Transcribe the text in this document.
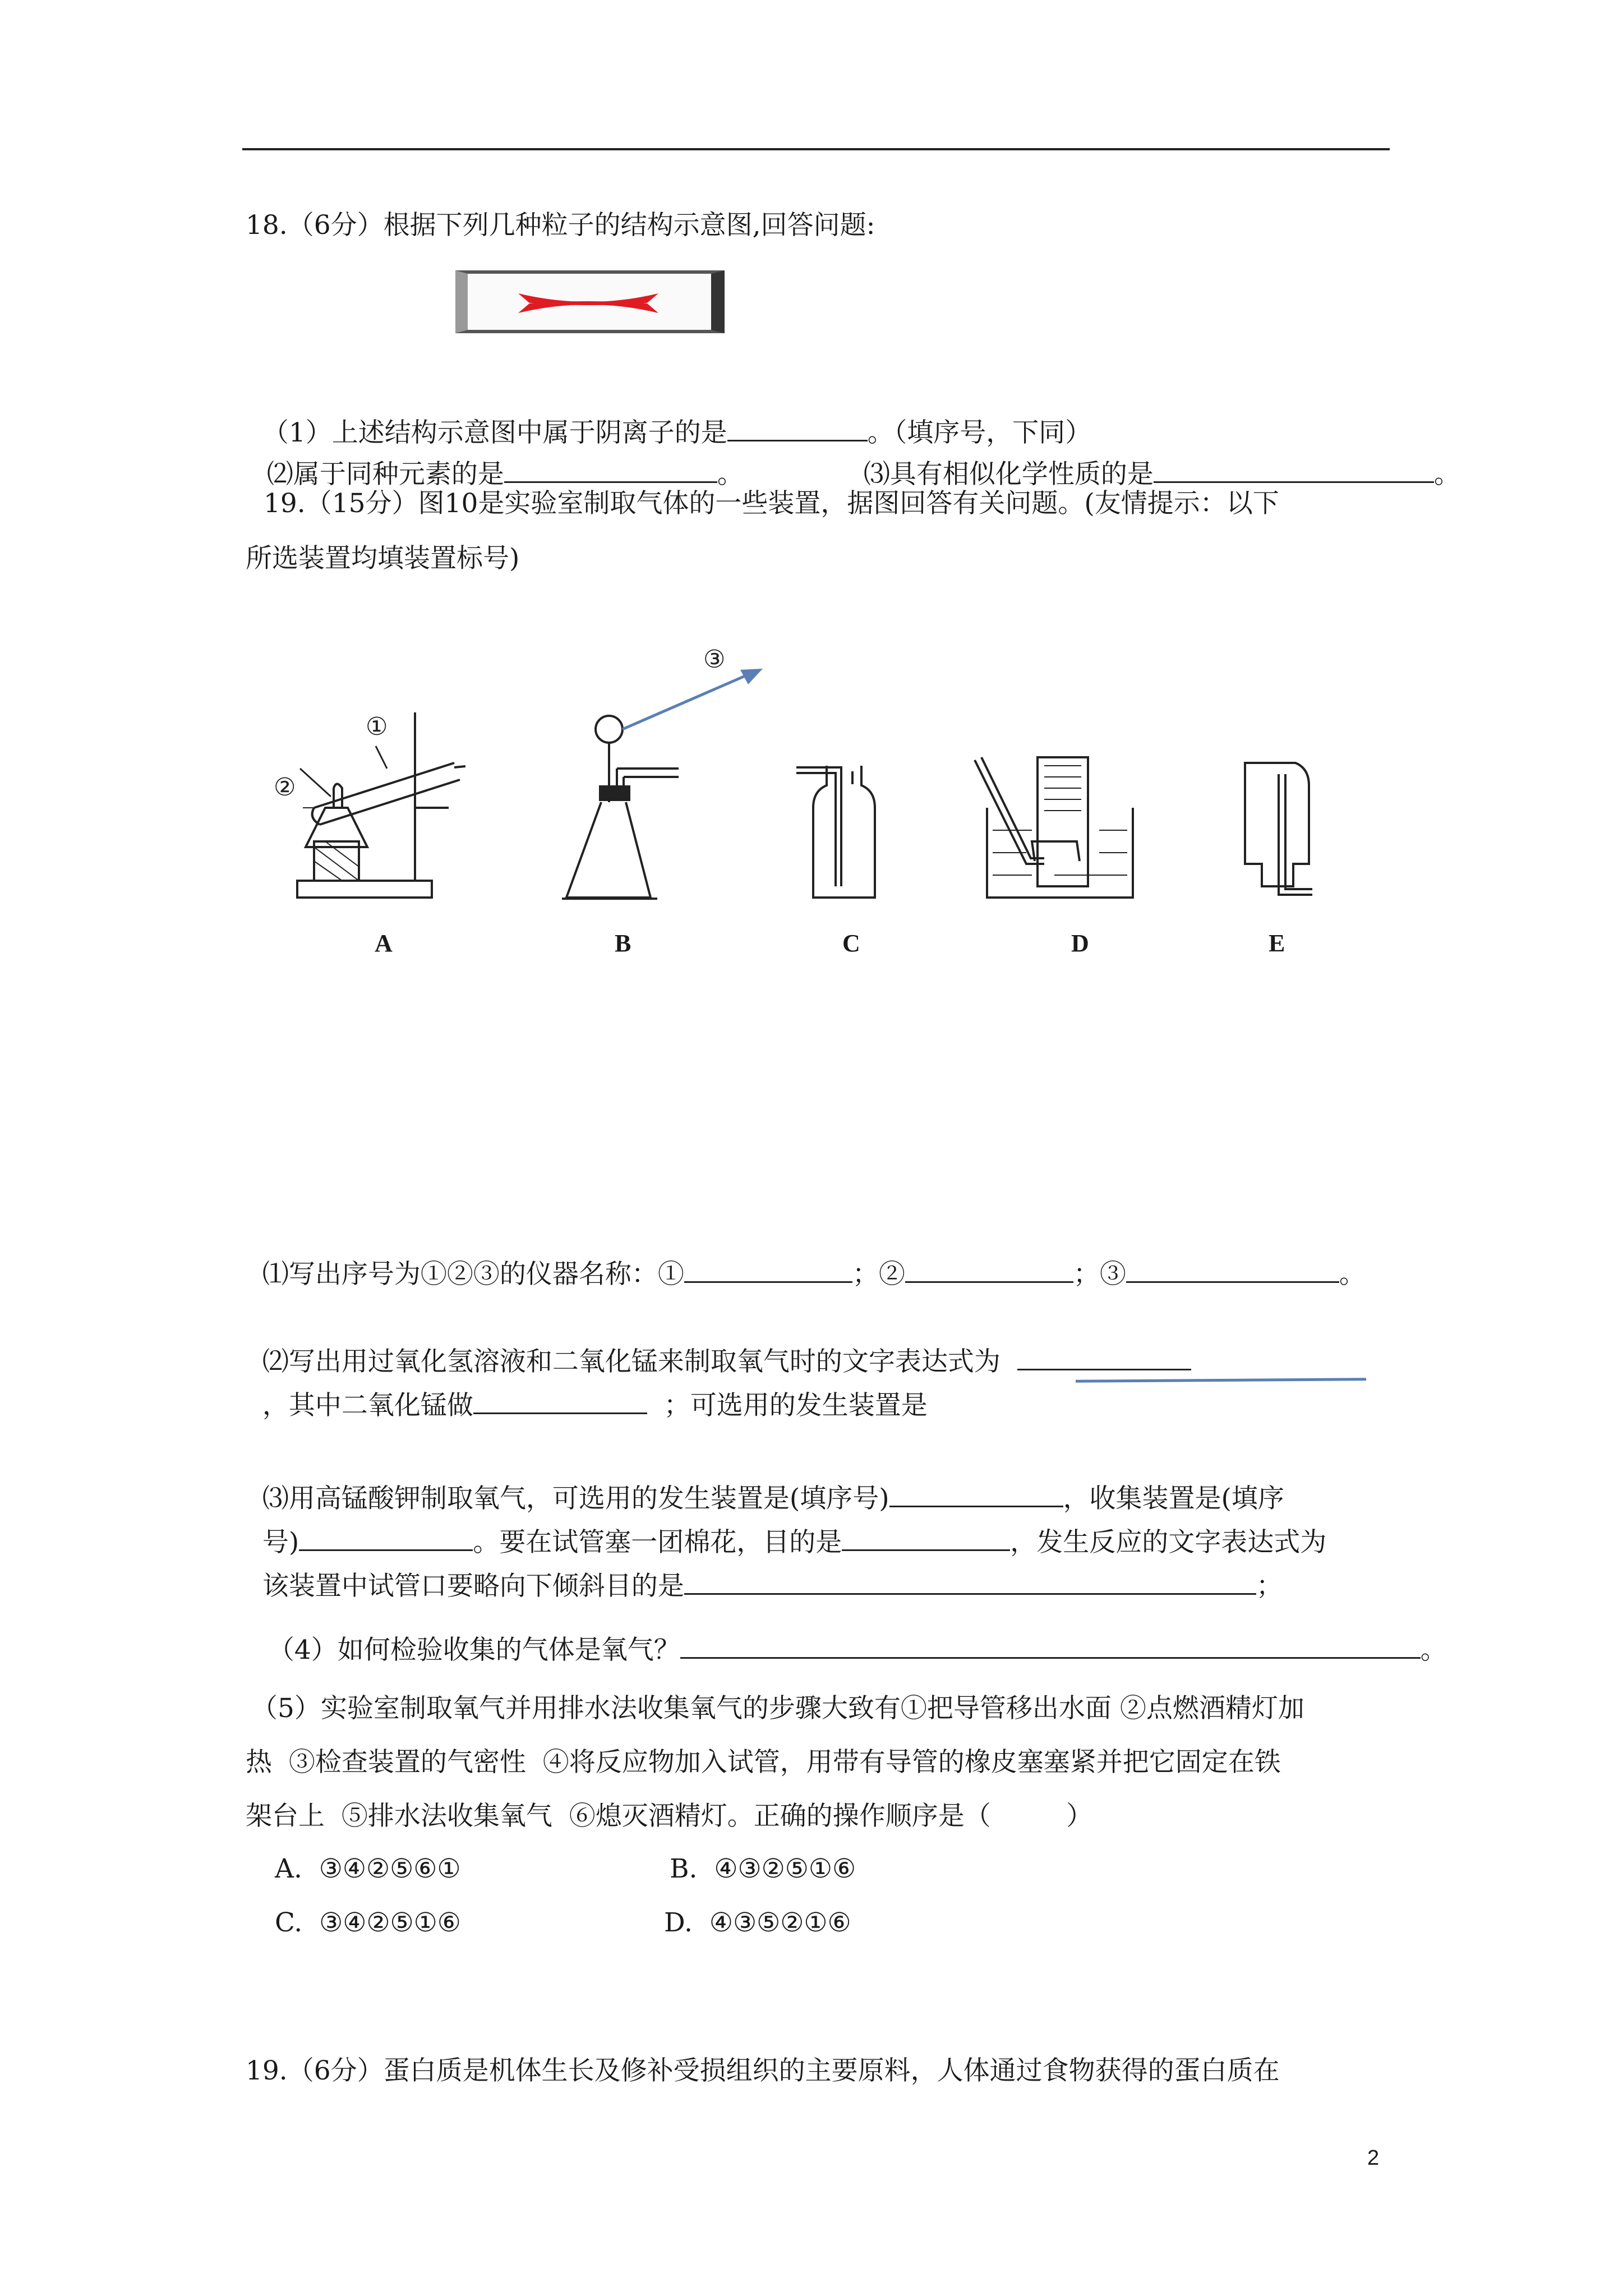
18.（6分）根据下列几种粒子的结构示意图,回答问题:

（1）上述结构示意图中属于阴离子的是	。（填序号，下同）

⑵属于同种元素的是	。	⑶具有相似化学性质的是	。

19.（15分）图10是实验室制取气体的一些装置，据图回答有关问题。(友情提示：以下
所选装置均填装置标号)
①
②
③
A	B	C	D	E

⑴写出序号为①②③的仪器名称：①	；②	；③	。

⑵写出用过氧化氢溶液和二氧化锰来制取氧气时的文字表达式为

，其中二氧化锰做	；可选用的发生装置是

⑶用高锰酸钾制取氧气，可选用的发生装置是(填序号)	，收集装置是(填序

号)	。要在试管塞一团棉花，目的是	，发生反应的文字表达式为

该装置中试管口要略向下倾斜目的是	；

（4）如何检验收集的气体是氧气？	。

（5）实验室制取氧气并用排水法收集氧气的步骤大致有①把导管移出水面 ②点燃酒精灯加
热  ③检查装置的气密性  ④将反应物加入试管，用带有导管的橡皮塞塞紧并把它固定在铁
架台上  ⑤排水法收集氧气  ⑥熄灭酒精灯。正确的操作顺序是（         ）
A.  ③④②⑤⑥①	B.  ④③②⑤①⑥
C.  ③④②⑤①⑥	D.  ④③⑤②①⑥
19.（6分）蛋白质是机体生长及修补受损组织的主要原料，人体通过食物获得的蛋白质在
2
